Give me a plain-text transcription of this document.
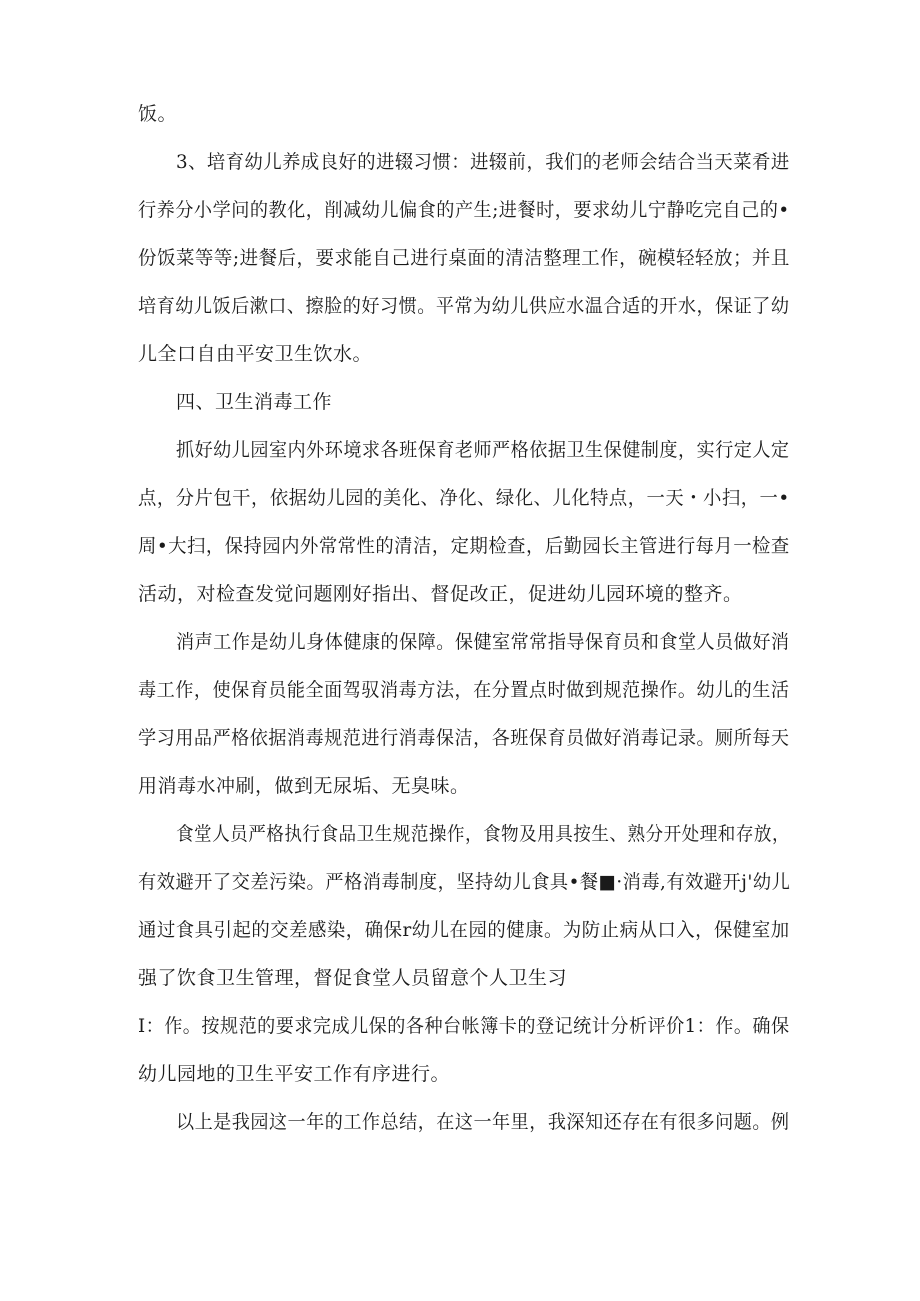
饭。
3、培育幼儿养成良好的进辍习惯：进辍前，我们的老师会结合当天菜肴进
行养分小学问的教化，削减幼儿偏食的产生;进餐时，要求幼儿宁静吃完自己的•
份饭菜等等;进餐后，要求能自己进行桌面的清洁整理工作，碗模轻轻放；并且
培育幼儿饭后漱口、擦脸的好习惯。平常为幼儿供应水温合适的开水，保证了幼
儿全口自由平安卫生饮水。
四、卫生消毒工作
抓好幼儿园室内外环境求各班保育老师严格依据卫生保健制度，实行定人定
点，分片包干，依据幼儿园的美化、净化、绿化、儿化特点，一天・小扫，一•
周•大扫，保持园内外常常性的清洁，定期检查，后勤园长主管进行每月一检查
活动，对检查发觉问题刚好指出、督促改正，促进幼儿园环境的整齐。
消声工作是幼儿身体健康的保障。保健室常常指导保育员和食堂人员做好消
毒工作，使保育员能全面驾驭消毒方法，在分置点时做到规范操作。幼儿的生活
学习用品严格依据消毒规范进行消毒保洁，各班保育员做好消毒记录。厕所每天
用消毒水冲刷，做到无尿垢、无臭味。
食堂人员严格执行食品卫生规范操作，食物及用具按生、熟分开处理和存放，
有效避开了交差污染。严格消毒制度，坚持幼儿食具•餐■·消毒,有效避开j'幼儿
通过食具引起的交差感染，确保r幼儿在园的健康。为防止病从口入，保健室加
强了饮食卫生管理，督促食堂人员留意个人卫生习
I：作。按规范的要求完成儿保的各种台帐簿卡的登记统计分析评价1：作。确保
幼儿园地的卫生平安工作有序进行。
以上是我园这一年的工作总结，在这一年里，我深知还存在有很多问题。例
